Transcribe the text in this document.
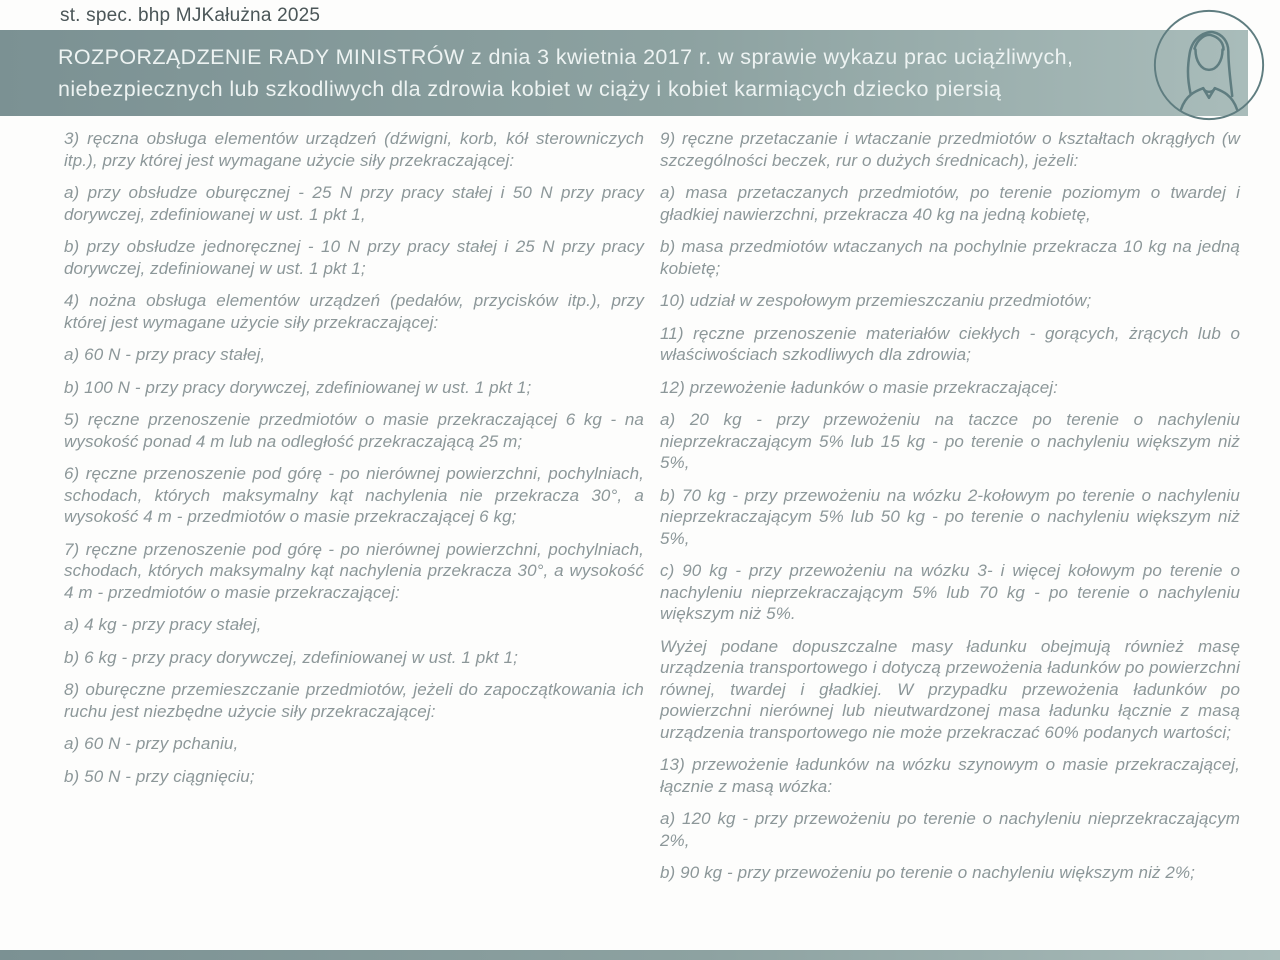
st. spec. bhp MJKałużna 2025
ROZPORZĄDZENIE RADY MINISTRÓW z dnia 3 kwietnia 2017 r. w sprawie wykazu prac uciążliwych,
niebezpiecznych lub szkodliwych dla zdrowia kobiet w ciąży i kobiet karmiących dziecko piersią

3) ręczna obsługa elementów urządzeń (dźwigni, korb, kół sterowniczych itp.), przy której jest wymagane użycie siły przekraczającej:

a) przy obsłudze oburęcznej - 25 N przy pracy stałej i 50 N przy pracy dorywczej, zdefiniowanej w ust. 1 pkt 1,

b) przy obsłudze jednoręcznej - 10 N przy pracy stałej i 25 N przy pracy dorywczej, zdefiniowanej w ust. 1 pkt 1;

4) nożna obsługa elementów urządzeń (pedałów, przycisków itp.), przy której jest wymagane użycie siły przekraczającej:

a) 60 N - przy pracy stałej,

b) 100 N - przy pracy dorywczej, zdefiniowanej w ust. 1 pkt 1;

5) ręczne przenoszenie przedmiotów o masie przekraczającej 6 kg - na wysokość ponad 4 m lub na odległość przekraczającą 25 m;

6) ręczne przenoszenie pod górę - po nierównej powierzchni, pochylniach, schodach, których maksymalny kąt nachylenia nie przekracza 30°, a wysokość 4 m - przedmiotów o masie przekraczającej 6 kg;

7) ręczne przenoszenie pod górę - po nierównej powierzchni, pochylniach, schodach, których maksymalny kąt nachylenia przekracza 30°, a wysokość 4 m - przedmiotów o masie przekraczającej:

a) 4 kg - przy pracy stałej,

b) 6 kg - przy pracy dorywczej, zdefiniowanej w ust. 1 pkt 1;

8) oburęczne przemieszczanie przedmiotów, jeżeli do zapoczątkowania ich ruchu jest niezbędne użycie siły przekraczającej:

a) 60 N - przy pchaniu,

b) 50 N - przy ciągnięciu;

9) ręczne przetaczanie i wtaczanie przedmiotów o kształtach okrągłych (w szczególności beczek, rur o dużych średnicach), jeżeli:

a) masa przetaczanych przedmiotów, po terenie poziomym o twardej i gładkiej nawierzchni, przekracza 40 kg na jedną kobietę,

b) masa przedmiotów wtaczanych na pochylnie przekracza 10 kg na jedną kobietę;

10) udział w zespołowym przemieszczaniu przedmiotów;

11) ręczne przenoszenie materiałów ciekłych - gorących, żrących lub o właściwościach szkodliwych dla zdrowia;

12) przewożenie ładunków o masie przekraczającej:

a) 20 kg - przy przewożeniu na taczce po terenie o nachyleniu nieprzekraczającym 5% lub 15 kg - po terenie o nachyleniu większym niż 5%,

b) 70 kg - przy przewożeniu na wózku 2-kołowym po terenie o nachyleniu nieprzekraczającym 5% lub 50 kg - po terenie o nachyleniu większym niż 5%,

c) 90 kg - przy przewożeniu na wózku 3- i więcej kołowym po terenie o nachyleniu nieprzekraczającym 5% lub 70 kg - po terenie o nachyleniu większym niż 5%.

Wyżej podane dopuszczalne masy ładunku obejmują również masę urządzenia transportowego i dotyczą przewożenia ładunków po powierzchni równej, twardej i gładkiej. W przypadku przewożenia ładunków po powierzchni nierównej lub nieutwardzonej masa ładunku łącznie z masą urządzenia transportowego nie może przekraczać 60% podanych wartości;

13) przewożenie ładunków na wózku szynowym o masie przekraczającej, łącznie z masą wózka:

a) 120 kg - przy przewożeniu po terenie o nachyleniu nieprzekraczającym 2%,

b) 90 kg - przy przewożeniu po terenie o nachyleniu większym niż 2%;
